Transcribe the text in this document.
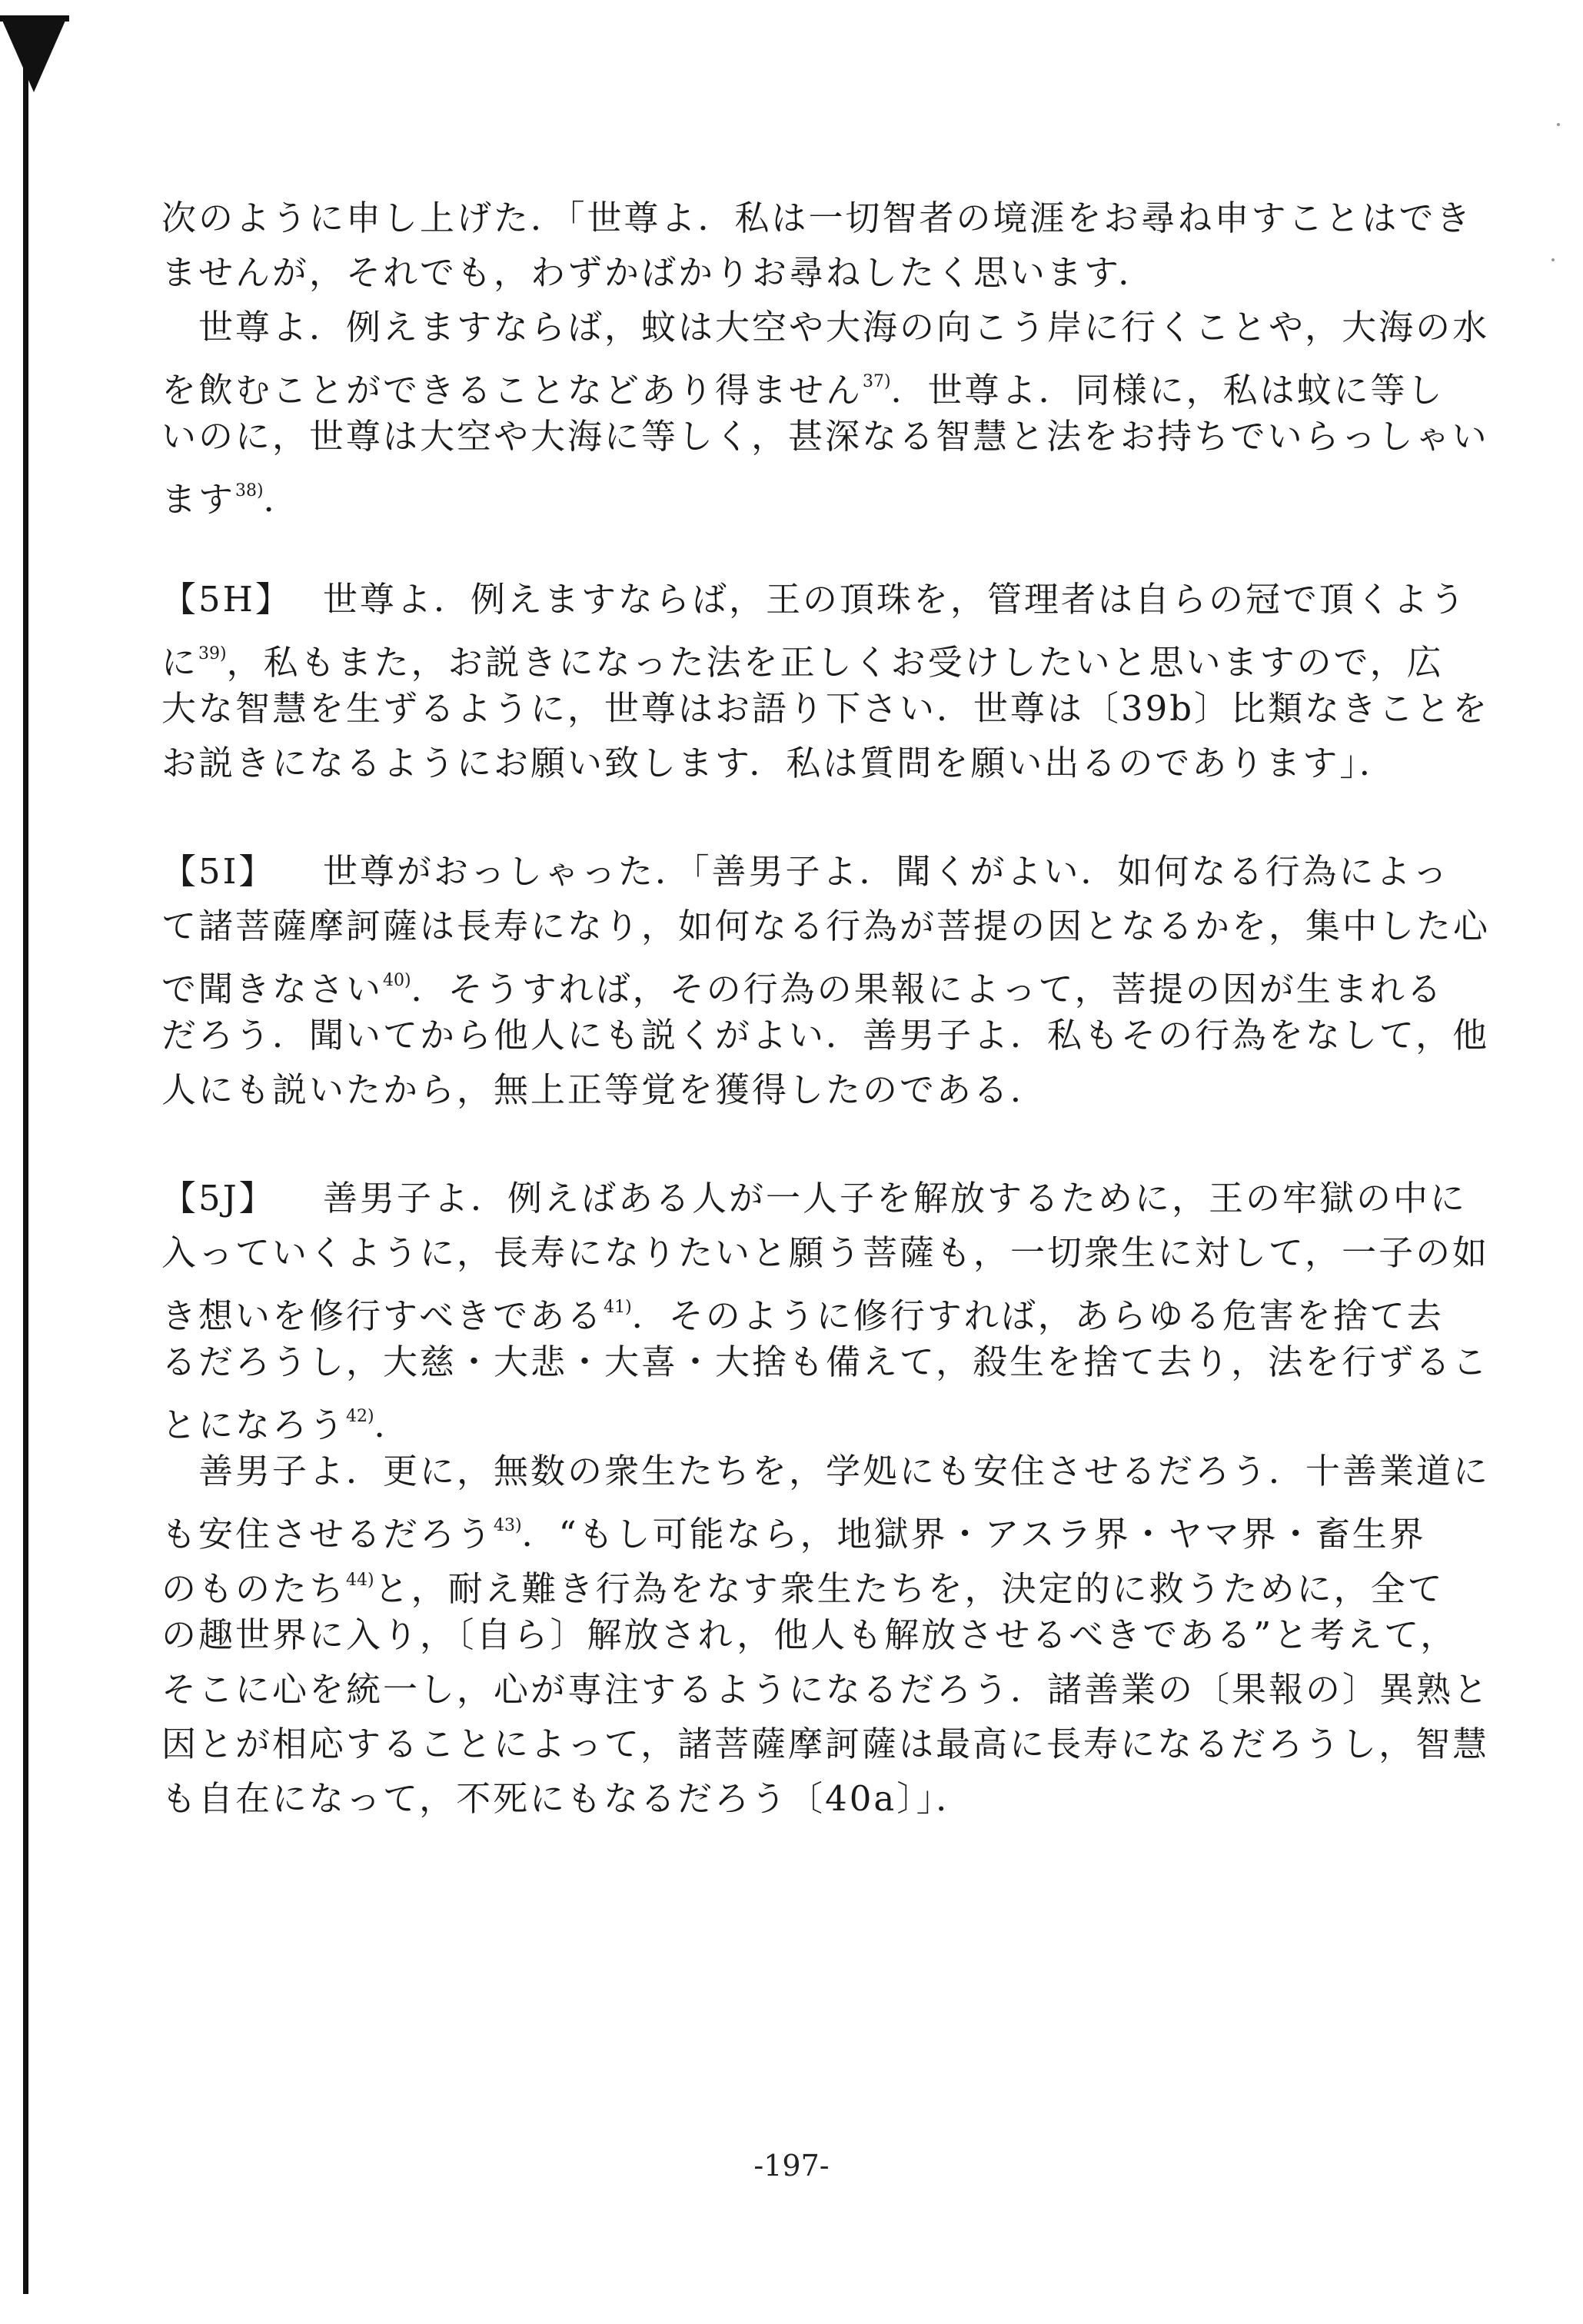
次のように申し上げた．「世尊よ．私は一切智者の境涯をお尋ね申すことはでき
ませんが，それでも，わずかばかりお尋ねしたく思います．
世尊よ．例えますならば，蚊は大空や大海の向こう岸に行くことや，大海の水
を飲むことができることなどあり得ません$^{37)}$．世尊よ．同様に，私は蚊に等し
いのに，世尊は大空や大海に等しく，甚深なる智慧と法をお持ちでいらっしゃい
ます$^{38)}$．
【5H】 世尊よ．例えますならば，王の頂珠を，管理者は自らの冠で頂くよう
に$^{39)}$，私もまた，お説きになった法を正しくお受けしたいと思いますので，広
大な智慧を生ずるように，世尊はお語り下さい．世尊は〔39b〕比類なきことを
お説きになるようにお願い致します．私は質問を願い出るのであります」．
【5I】 世尊がおっしゃった．「善男子よ．聞くがよい．如何なる行為によっ
て諸菩薩摩訶薩は長寿になり，如何なる行為が菩提の因となるかを，集中した心
で聞きなさい$^{40)}$．そうすれば，その行為の果報によって，菩提の因が生まれる
だろう．聞いてから他人にも説くがよい．善男子よ．私もその行為をなして，他
人にも説いたから，無上正等覚を獲得したのである．
【5J】 善男子よ．例えばある人が一人子を解放するために，王の牢獄の中に
入っていくように，長寿になりたいと願う菩薩も，一切衆生に対して，一子の如
き想いを修行すべきである$^{41)}$．そのように修行すれば，あらゆる危害を捨て去
るだろうし，大慈・大悲・大喜・大捨も備えて，殺生を捨て去り，法を行ずるこ
とになろう$^{42)}$．
善男子よ．更に，無数の衆生たちを，学処にも安住させるだろう．十善業道に
も安住させるだろう$^{43)}$．“もし可能なら，地獄界・アスラ界・ヤマ界・畜生界
のものたち$^{44)}$と，耐え難き行為をなす衆生たちを，決定的に救うために，全て
の趣世界に入り，〔自ら〕解放され，他人も解放させるべきである”と考えて，
そこに心を統一し，心が専注するようになるだろう．諸善業の〔果報の〕異熟と
因とが相応することによって，諸菩薩摩訶薩は最高に長寿になるだろうし，智慧
も自在になって，不死にもなるだろう〔40a〕」．
-197-
